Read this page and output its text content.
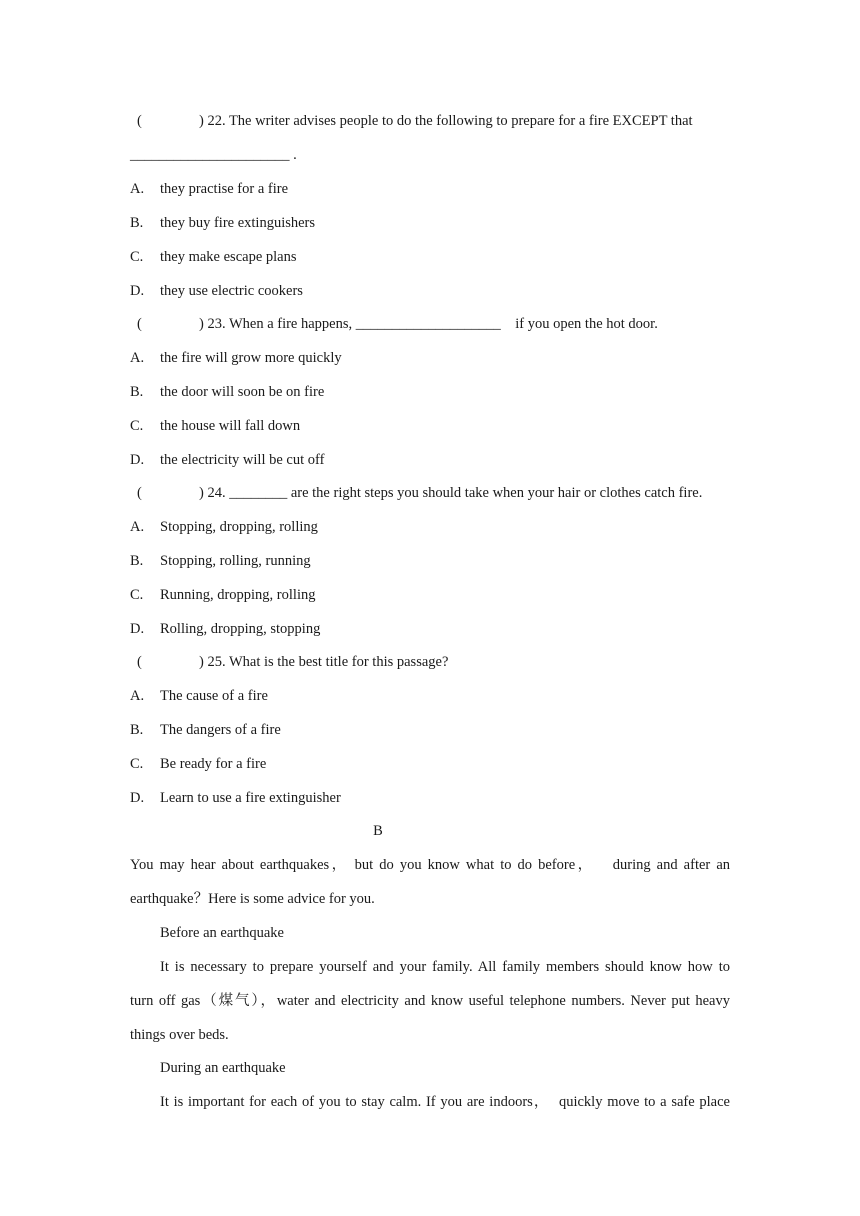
(	) 22. The writer advises people to do the following to prepare for a fire EXCEPT that
______________________ .
A. they practise for a fire
B. they buy fire extinguishers
C. they make escape plans
D. they use electric cookers
(	) 23. When a fire happens, ____________________    if you open the hot door.
A. the fire will grow more quickly
B. the door will soon be on fire
C. the house will fall down
D. the electricity will be cut off
(	) 24. ________ are the right steps you should take when your hair or clothes catch fire.
A. Stopping, dropping, rolling
B. Stopping, rolling, running
C. Running, dropping, rolling
D. Rolling, dropping, stopping
(	) 25. What is the best title for this passage?
A. The cause of a fire
B. The dangers of a fire
C. Be ready for a fire
D. Learn to use a fire extinguisher
B
You may hear about earthquakes， but do you know what to do before，   during and after an
earthquake？Here is some advice for you.
Before an earthquake
It is necessary to prepare yourself and your family. All family members should know how to
turn off gas（煤气），water and electricity and know useful telephone numbers. Never put heavy
things over beds.
During an earthquake
It is important for each of you to stay calm. If you are indoors，  quickly move to a safe place
